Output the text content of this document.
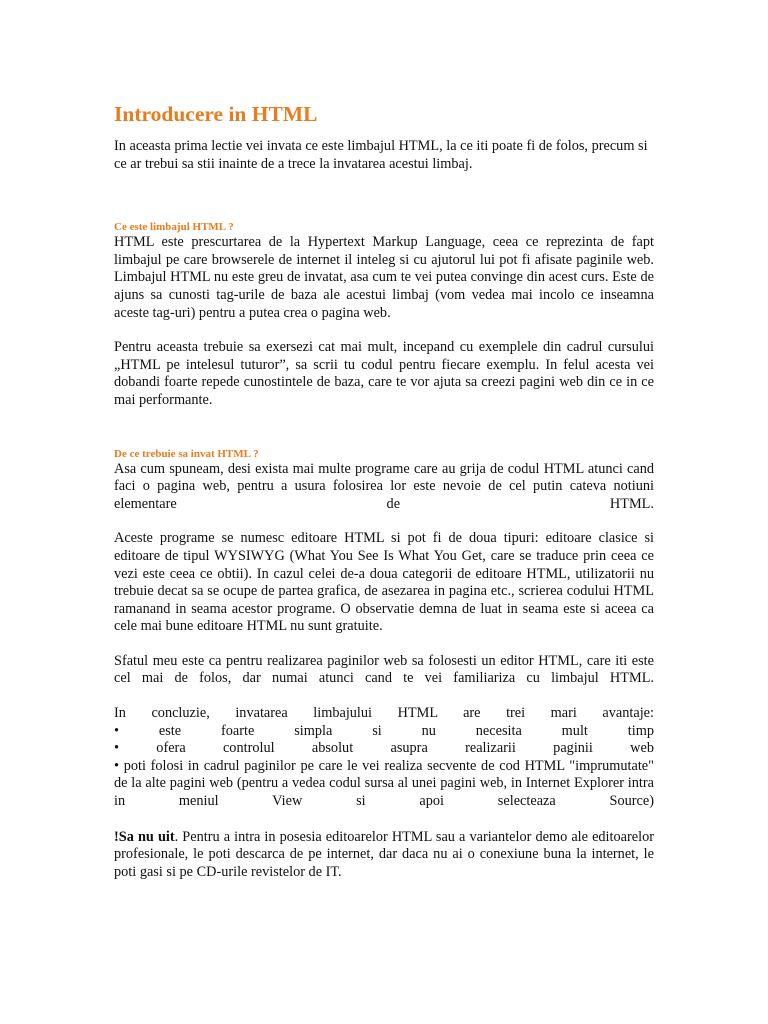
Introducere in HTML

In aceasta prima lectie vei invata ce este limbajul HTML, la ce iti poate fi de folos, precum si ce ar trebui sa stii inainte de a trece la invatarea acestui limbaj.

Ce este limbajul HTML ?

HTML este prescurtarea de la Hypertext Markup Language, ceea ce reprezinta de fapt limbajul pe care browserele de internet il inteleg si cu ajutorul lui pot fi afisate paginile web. Limbajul HTML nu este greu de invatat, asa cum te vei putea convinge din acest curs. Este de ajuns sa cunosti tag-urile de baza ale acestui limbaj (vom vedea mai incolo ce inseamna aceste tag-uri) pentru a putea crea o pagina web.

Pentru aceasta trebuie sa exersezi cat mai mult, incepand cu exemplele din cadrul cursului „HTML pe intelesul tuturor”, sa scrii tu codul pentru fiecare exemplu. In felul acesta vei dobandi foarte repede cunostintele de baza, care te vor ajuta sa creezi pagini web din ce in ce mai performante.

De ce trebuie sa invat HTML ?

Asa cum spuneam, desi exista mai multe programe care au grija de codul HTML atunci cand faci o pagina web, pentru a usura folosirea lor este nevoie de cel putin cateva notiuni elementare de HTML.

Aceste programe se numesc editoare HTML si pot fi de doua tipuri: editoare clasice si editoare de tipul WYSIWYG (What You See Is What You Get, care se traduce prin ceea ce vezi este ceea ce obtii). In cazul celei de-a doua categorii de editoare HTML, utilizatorii nu trebuie decat sa se ocupe de partea grafica, de asezarea in pagina etc., scrierea codului HTML ramanand in seama acestor programe. O observatie demna de luat in seama este si aceea ca cele mai bune editoare HTML nu sunt gratuite.

Sfatul meu este ca pentru realizarea paginilor web sa folosesti un editor HTML, care iti este cel mai de folos, dar numai atunci cand te vei familiariza cu limbajul HTML.

In concluzie, invatarea limbajului HTML are trei mari avantaje:

• este foarte simpla si nu necesita mult timp

• ofera controlul absolut asupra realizarii paginii web

• poti folosi in cadrul paginilor pe care le vei realiza secvente de cod HTML "imprumutate" de la alte pagini web (pentru a vedea codul sursa al unei pagini web, in Internet Explorer intra in meniul View si apoi selecteaza Source)

!Sa nu uit. Pentru a intra in posesia editoarelor HTML sau a variantelor demo ale editoarelor profesionale, le poti descarca de pe internet, dar daca nu ai o conexiune buna la internet, le poti gasi si pe CD-urile revistelor de IT.
